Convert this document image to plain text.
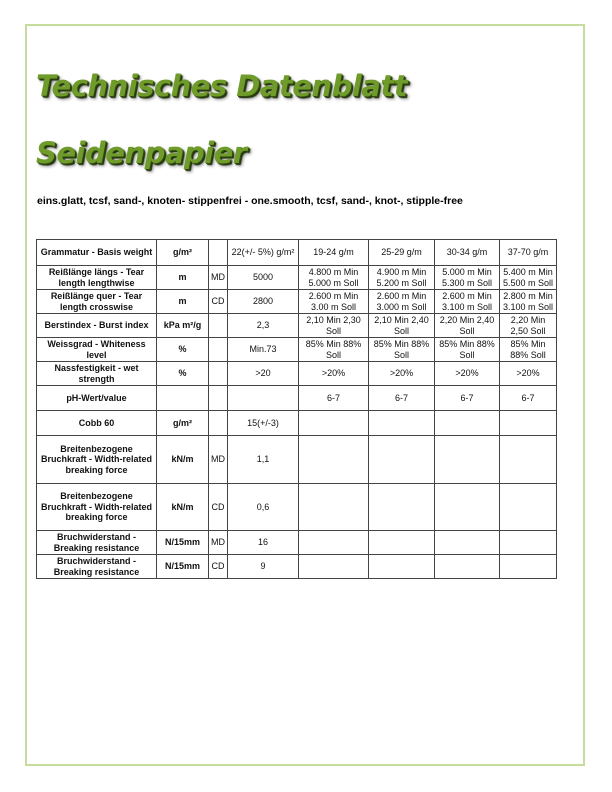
Technisches Datenblatt
Seidenpapier

eins.glatt, tcsf, sand-, knoten- stippenfrei - one.smooth, tcsf, sand-, knot-, stipple-free

Grammatur - Basis weight	g/m²		22(+/- 5%) g/m²	19-24 g/m	25-29 g/m	30-34 g/m	37-70 g/m
Reißlänge längs - Tear length lengthwise	m	MD	5000	4.800 m Min 5.000 m Soll	4.900 m Min 5.200 m Soll	5.000 m Min 5.300 m Soll	5.400 m Min 5.500 m Soll
Reißlänge quer - Tear length crosswise	m	CD	2800	2.600 m Min 3.00 m Soll	2.600 m Min 3.000 m Soll	2.600 m Min 3.100 m Soll	2.800 m Min 3.100 m Soll
Berstindex - Burst index	kPa m²/g		2,3	2,10 Min 2,30 Soll	2,10 Min 2,40 Soll	2,20 Min 2,40 Soll	2,20 Min 2,50 Soll
Weissgrad - Whiteness level	%		Min.73	85% Min 88% Soll	85% Min 88% Soll	85% Min 88% Soll	85% Min 88% Soll
Nassfestigkeit - wet strength	%		>20	>20%	>20%	>20%	>20%
pH-Wert/value				6-7	6-7	6-7	6-7
Cobb 60	g/m²		15(+/-3)				
Breitenbezogene Bruchkraft - Width-related breaking force	kN/m	MD	1,1				
Breitenbezogene Bruchkraft - Width-related breaking force	kN/m	CD	0,6				
Bruchwiderstand - Breaking resistance	N/15mm	MD	16				
Bruchwiderstand - Breaking resistance	N/15mm	CD	9				
